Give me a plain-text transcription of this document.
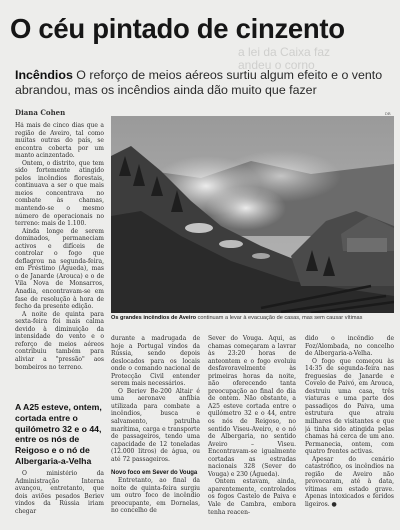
a lei da Caixa faz
andeu o corno
O céu pintado de cinzento

Incêndios O reforço de meios aéreos surtiu algum efeito e o vento abrandou, mas os incêndios ainda dão muito que fazer

Diana Cohen	DR
Os grandes incêndios de Aveiro continuam a levar à evacuação de casas, mas sem causar vítimas

Há mais de cinco dias que a região de Aveiro, tal como muitas outras do país, se encontra coberta por um manto acinzentado.

Ontem, o distrito, que tem sido fortemente atingido pelos incêndios florestais, continuava a ser o que mais meios concentrava no combate às chamas, mantendo-se o mesmo número de operacionais no terreno: mais de 1.100.

Ainda longe de serem dominados, permaneciam activos e difíceis de controlar o fogo que deflagrou na segunda-feira, em Préstimo (Águeda), mas o de Janarde (Arouca) e o de Vila Nova de Monsarros, Anadia, encontravam-se em fase de resolução à hora de fecho da presente edição.

A noite de quinta para sexta-feira foi mais calma devido à diminuição da intensidade do vento e o reforço de meios aéreos contribuiu também para aliviar a "pressão" aos bombeiros no terreno.

A A25 esteve, ontem, cortada entre o quilómetro 32 e o 44, entre os nós de Reigoso e o nó de Albergaria-a-Velha

O ministério da Administração Interna avançou, entretanto, que dois aviões pesados Beriev vindos da Rússia iriam chegar

durante a madrugada de hoje a Portugal vindos da Rússia, sendo depois deslocados para os locais onde o comando nacional de Protecção Civil entender serem mais necessários.

O Beriev Be-200 Altair é uma aeronave anfíbia utilizada para combate a incêndios, busca e salvamento, patrulha marítima, carga e transporte de passageiros, tendo uma capacidade de 12 toneladas (12.000 litros) de água, ou até 72 passageiros.

Novo foco em Sever do Vouga

Entretanto, ao final da noite de quinta-feira surgiu um outro foco de incêndio preocupante, em Dornelas, no concelho de

Sever do Vouga. Aqui, as chamas começaram a lavrar às 23:20 horas de anteontem e o fogo evoluiu desfavoravelmente às primeiras horas da noite, não oferecendo tanta preocupação ao final do dia de ontem. Não obstante, a A25 esteve cortada entre o quilómetro 32 e o 44, entre os nós de Reigoso, no sentido Viseu-Aveiro, e o nó de Albergaria, no sentido Aveiro – Viseu. Encontravam-se igualmente cortadas as estradas nacionais 328 (Sever do Vouga) e 230 (Águeda).

Ontem estavam, ainda, aparentemente, controlados os fogos Castelo de Paiva e Vale de Cambra, embora tenha reacen-

dido o incêndio de Foz/Alombada, no concelho de Albergaria-a-Velha.

O fogo que começou às 14:35 de segunda-feira nas freguesias de Janarde e Covelo de Paivó, em Arouca, destruiu uma casa, três viaturas e uma parte dos passadiços do Paiva, uma estrutura que atraiu milhares de visitantes e que já tinha sido atingida pelas chamas há cerca de um ano. Permanecia, ontem, com quatro frentes activas.

Apesar do cenário catastrófico, os incêndios na região de Aveiro não provocaram, até à data, vítimas em estado grave. Apenas intoxicados e feridos ligeiros. ●
